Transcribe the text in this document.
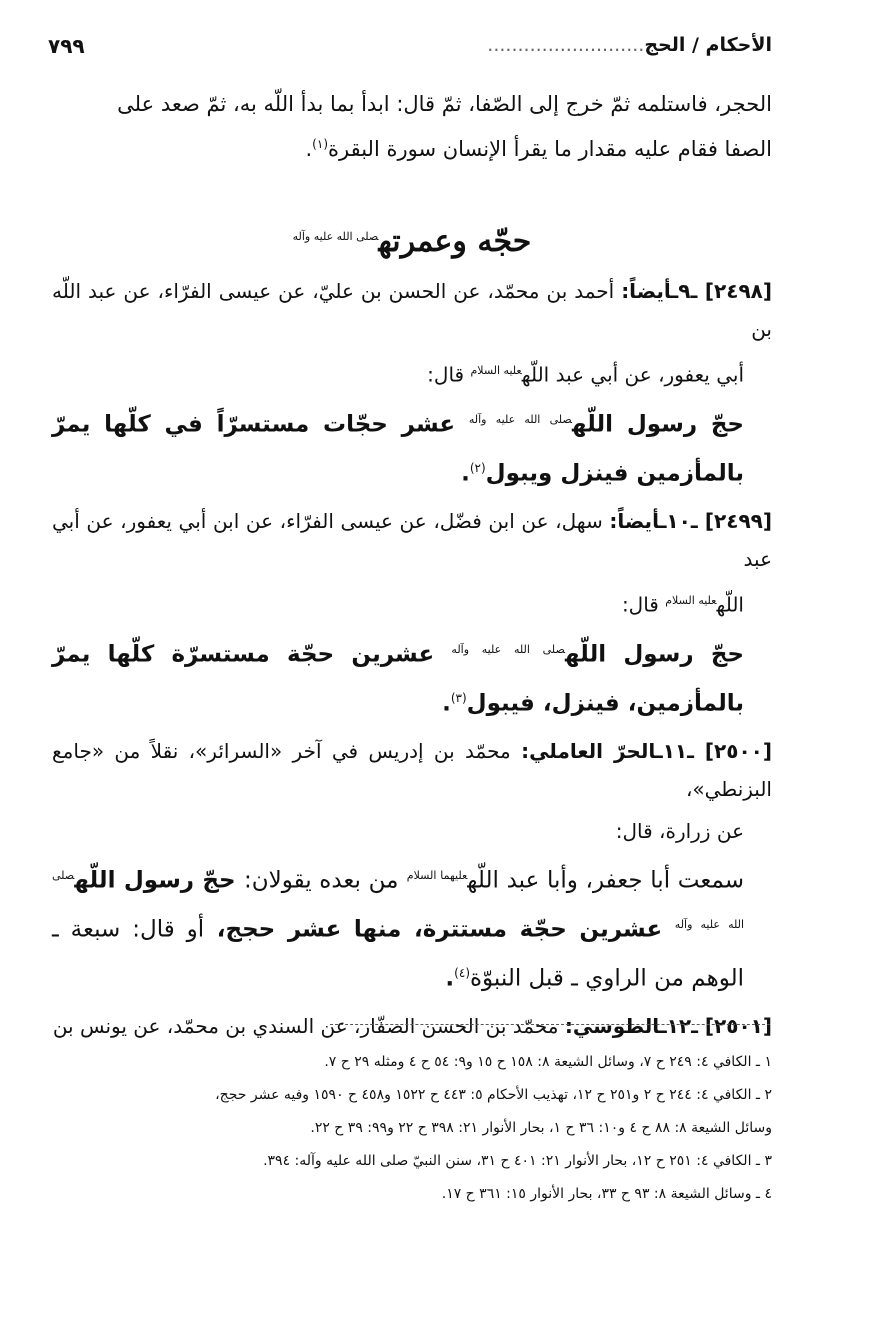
الأحكام / الحج..........................
٧٩٩

الحجر، فاستلمه ثمّ خرج إلى الصّفا، ثمّ قال: ابدأ بما بدأ اللّه به، ثمّ صعد على

الصفا فقام عليه مقدار ما يقرأ الإنسان سورة البقرة$^{(١)}$.

حجّه وعمرته$^{صلى الله عليه وآله}$

[٢٤٩٨] ـ٩ـأيضاً: أحمد بن محمّد، عن الحسن بن عليّ، عن عيسى الفرّاء، عن عبد اللّه بن

أبي يعفور، عن أبي عبد اللّه$^{عليه السلام}$ قال:

حجّ رسول اللّه$^{صلى الله عليه وآله}$ عشر حجّات مستسرّاً في كلّها يمرّ بالمأزمين فينزل ويبول$^{(٢)}$.

[٢٤٩٩] ـ١٠ـأيضاً: سهل، عن ابن فضّل، عن عيسى الفرّاء، عن ابن أبي يعفور، عن أبي عبد

اللّه$^{عليه السلام}$ قال:

حجّ رسول اللّه$^{صلى الله عليه وآله}$ عشرين حجّة مستسرّة كلّها يمرّ بالمأزمين، فينزل، فيبول$^{(٣)}$.

[٢٥٠٠] ـ١١ـالحرّ العاملي: محمّد بن إدريس في آخر «السرائر»، نقلاً من «جامع البزنطي»،

عن زرارة، قال:

سمعت أبا جعفر، وأبا عبد اللّه$^{عليهما السلام}$ من بعده يقولان: حجّ رسول اللّه$^{صلى الله عليه وآله}$ عشرين حجّة مستترة، منها عشر حجج، أو قال: سبعة ـ الوهم من الراوي ـ قبل النبوّة$^{(٤)}$.

[٢٥٠١] ـ١٢ـالطوسي: محمّد بن الحسن الصفّار، عن السندي بن محمّد، عن يونس بن

١ ـ الكافي ٤: ٢٤٩ ح ٧، وسائل الشيعة ٨: ١٥٨ ح ١٥ و٩: ٥٤ ح ٤ ومثله ٢٩ ح ٧.

٢ ـ الكافي ٤: ٢٤٤ ح ٢ و٢٥١ ح ١٢، تهذيب الأحكام ٥: ٤٤٣ ح ١٥٢٢ و٤٥٨ ح ١٥٩٠ وفيه عشر حجج،

وسائل الشيعة ٨: ٨٨ ح ٤ و١٠: ٣٦ ح ١، بحار الأنوار ٢١: ٣٩٨ ح ٢٢ و٩٩: ٣٩ ح ٢٢.

٣ ـ الكافي ٤: ٢٥١ ح ١٢، بحار الأنوار ٢١: ٤٠١ ح ٣١، سنن النبيّ صلى الله عليه وآله: ٣٩٤.

٤ ـ وسائل الشيعة ٨: ٩٣ ح ٣٣، بحار الأنوار ١٥: ٣٦١ ح ١٧.
